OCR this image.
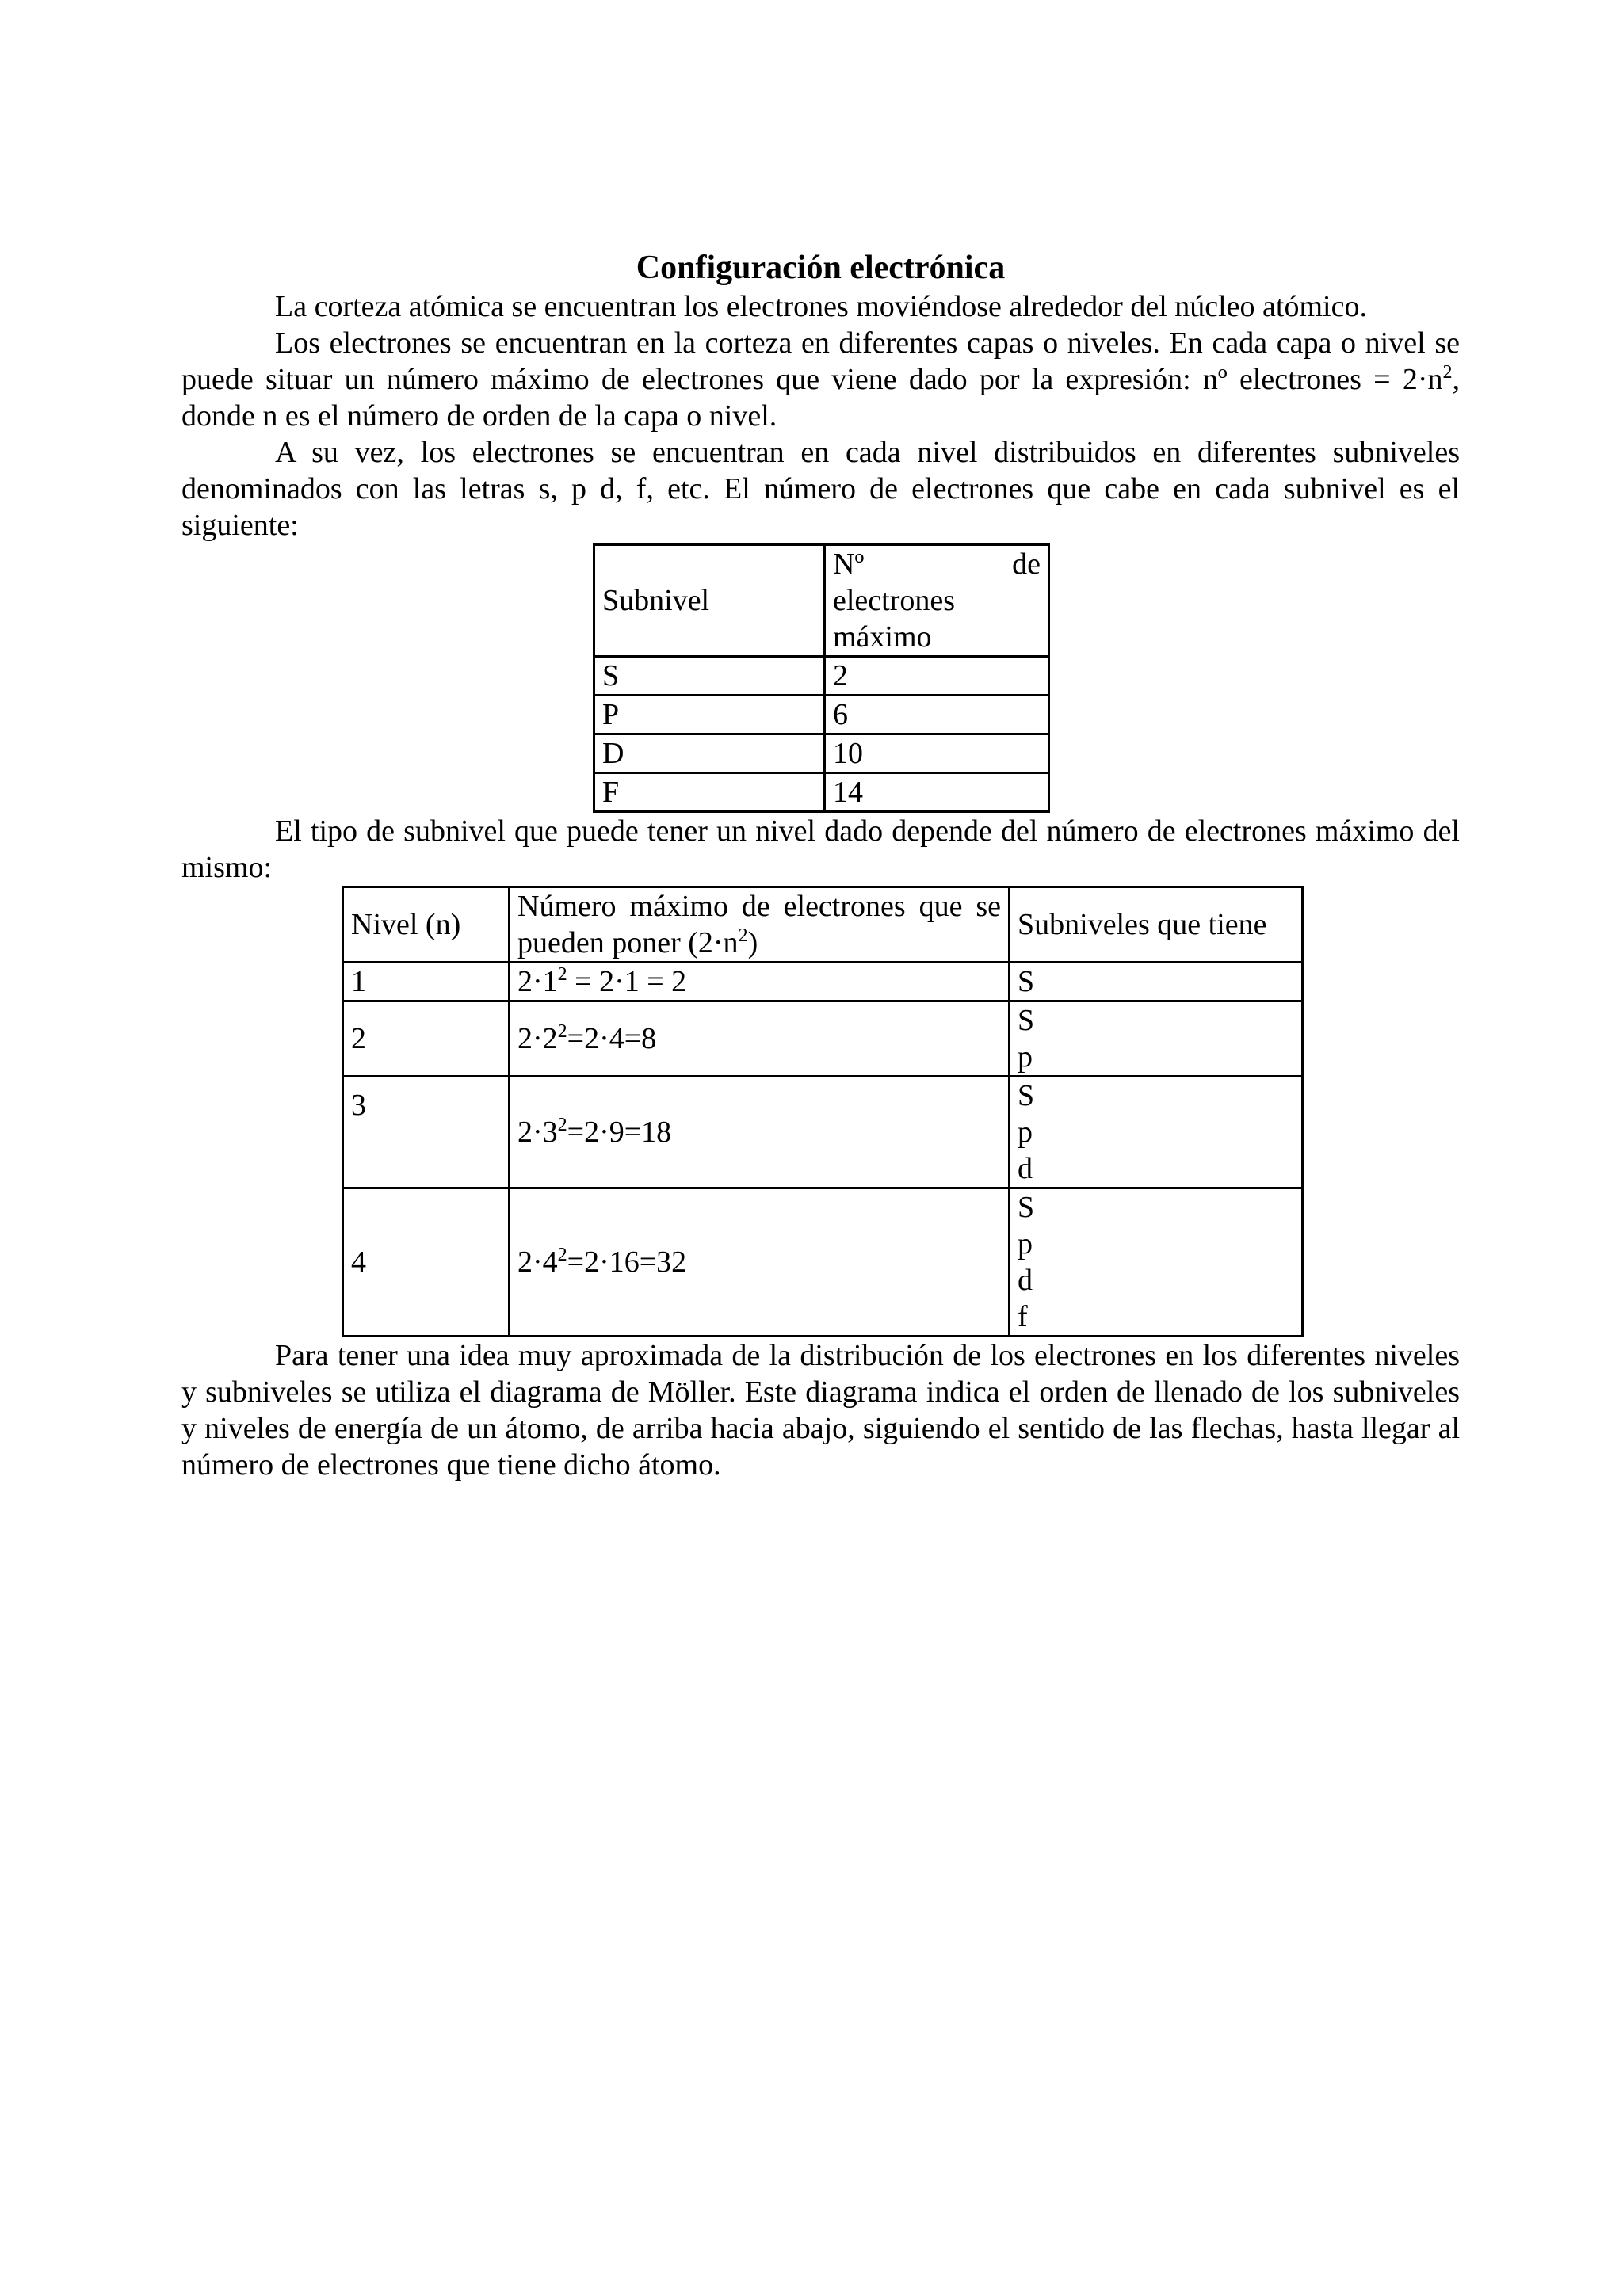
Configuración electrónica

La corteza atómica se encuentran los electrones moviéndose alrededor del núcleo atómico.

Los electrones se encuentran en la corteza en diferentes capas o niveles. En cada capa o nivel se puede situar un número máximo de electrones que viene dado por la expresión: nº electrones = $2\cdot n^2$, donde n es el número de orden de la capa o nivel.

A su vez, los electrones se encuentran en cada nivel distribuidos en diferentes subniveles denominados con las letras s, p d, f, etc. El número de electrones que cabe en cada subnivel es el siguiente:

Subnivel	Nº de
electrones
máximo

S	2
P	6
D	10
F	14

El tipo de subnivel que puede tener un nivel dado depende del número de electrones máximo del mismo:

Nivel (n)	Número máximo de electrones que se pueden poner $(2\cdot n^2)$	Subniveles que tiene
1	$2\cdot 1^2 = 2\cdot 1 = 2$	S

2	$2\cdot 2^2=2\cdot 4=8$	S
p

3	$2\cdot 3^2=2\cdot 9=18$	S
p
d

4	$2\cdot 4^2=2\cdot 16=32$	S
p
d
f

Para tener una idea muy aproximada de la distribución de los electrones en los diferentes niveles y subniveles se utiliza el diagrama de Möller. Este diagrama indica el orden de llenado de los subniveles y niveles de energía de un átomo, de arriba hacia abajo, siguiendo el sentido de las flechas, hasta llegar al número de electrones que tiene dicho átomo.
